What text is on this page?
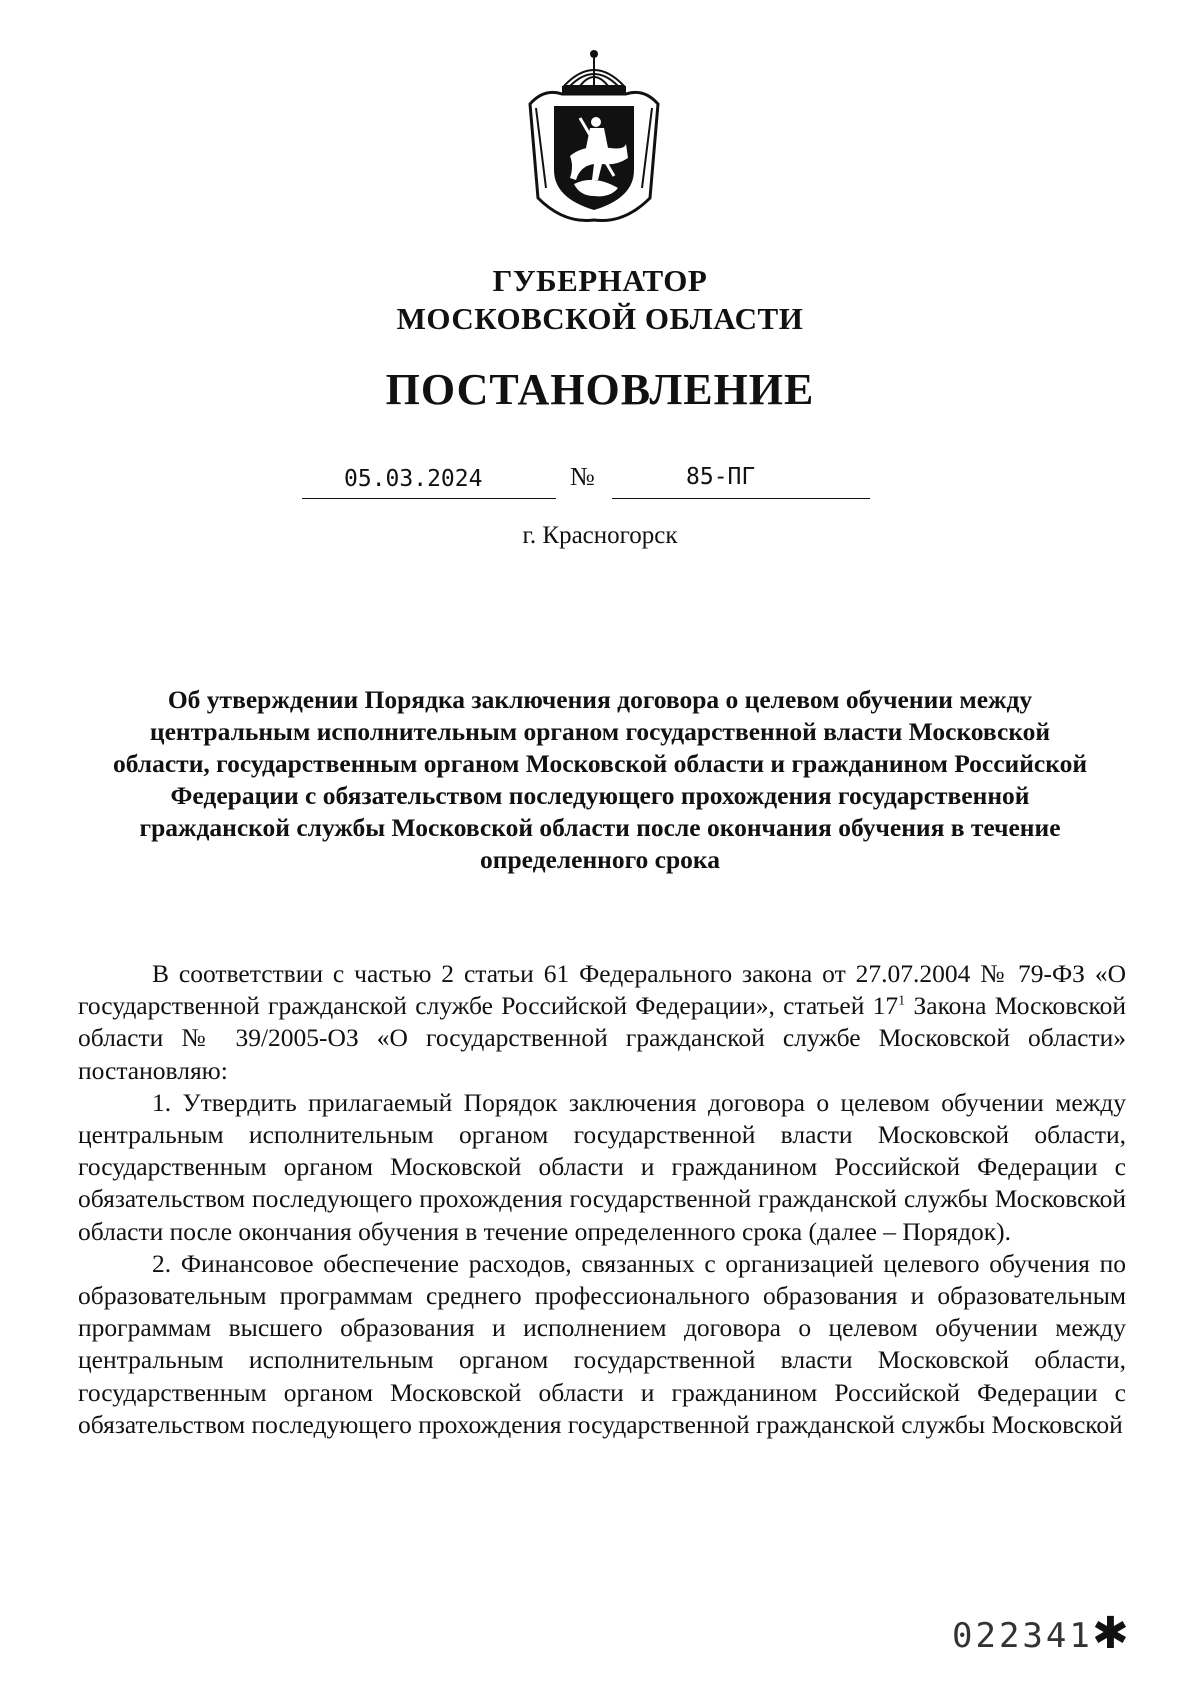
ГУБЕРНАТОР
МОСКОВСКОЙ ОБЛАСТИ
ПОСТАНОВЛЕНИЕ
05.03.2024	№	85-ПГ
г. Красногорск
Об утверждении Порядка заключения договора о целевом обучении между центральным исполнительным органом государственной власти Московской области, государственным органом Московской области и гражданином Российской Федерации с обязательством последующего прохождения государственной гражданской службы Московской области после окончания обучения в течение определенного срока

В соответствии с частью 2 статьи 61 Федерального закона от 27.07.2004 № 79-ФЗ «О государственной гражданской службе Российской Федерации», статьей $17^1$ Закона Московской области № 39/2005-ОЗ «О государственной гражданской службе Московской области» постановляю:

1. Утвердить прилагаемый Порядок заключения договора о целевом обучении между центральным исполнительным органом государственной власти Московской области, государственным органом Московской области и гражданином Российской Федерации с обязательством последующего прохождения государственной гражданской службы Московской области после окончания обучения в течение определенного срока (далее – Порядок).

2. Финансовое обеспечение расходов, связанных с организацией целевого обучения по образовательным программам среднего профессионального образования и образовательным программам высшего образования и исполнением договора о целевом обучении между центральным исполнительным органом государственной власти Московской области, государственным органом Московской области и гражданином Российской Федерации с обязательством последующего прохождения государственной гражданской службы Московской

022341 ✱
